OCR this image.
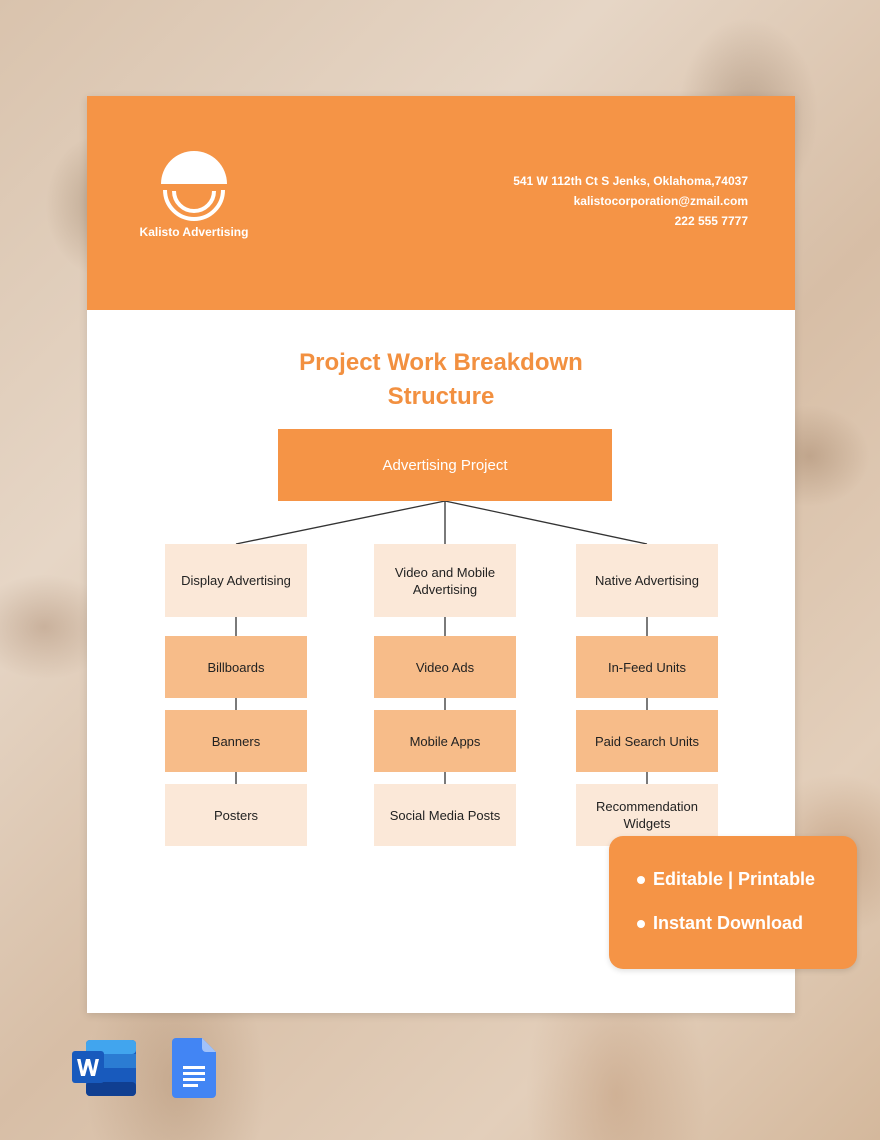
Kalisto Advertising
541 W 112th Ct S Jenks, Oklahoma,74037
kalistocorporation@zmail.com
222 555 7777
Project Work Breakdown
Structure
Advertising Project
Display Advertising
Video and Mobile Advertising
Native Advertising
Billboards
Banners
Posters
Video Ads
Mobile Apps
Social Media Posts
In-Feed Units
Paid Search Units
Recommendation Widgets
Editable | Printable
Instant Download
